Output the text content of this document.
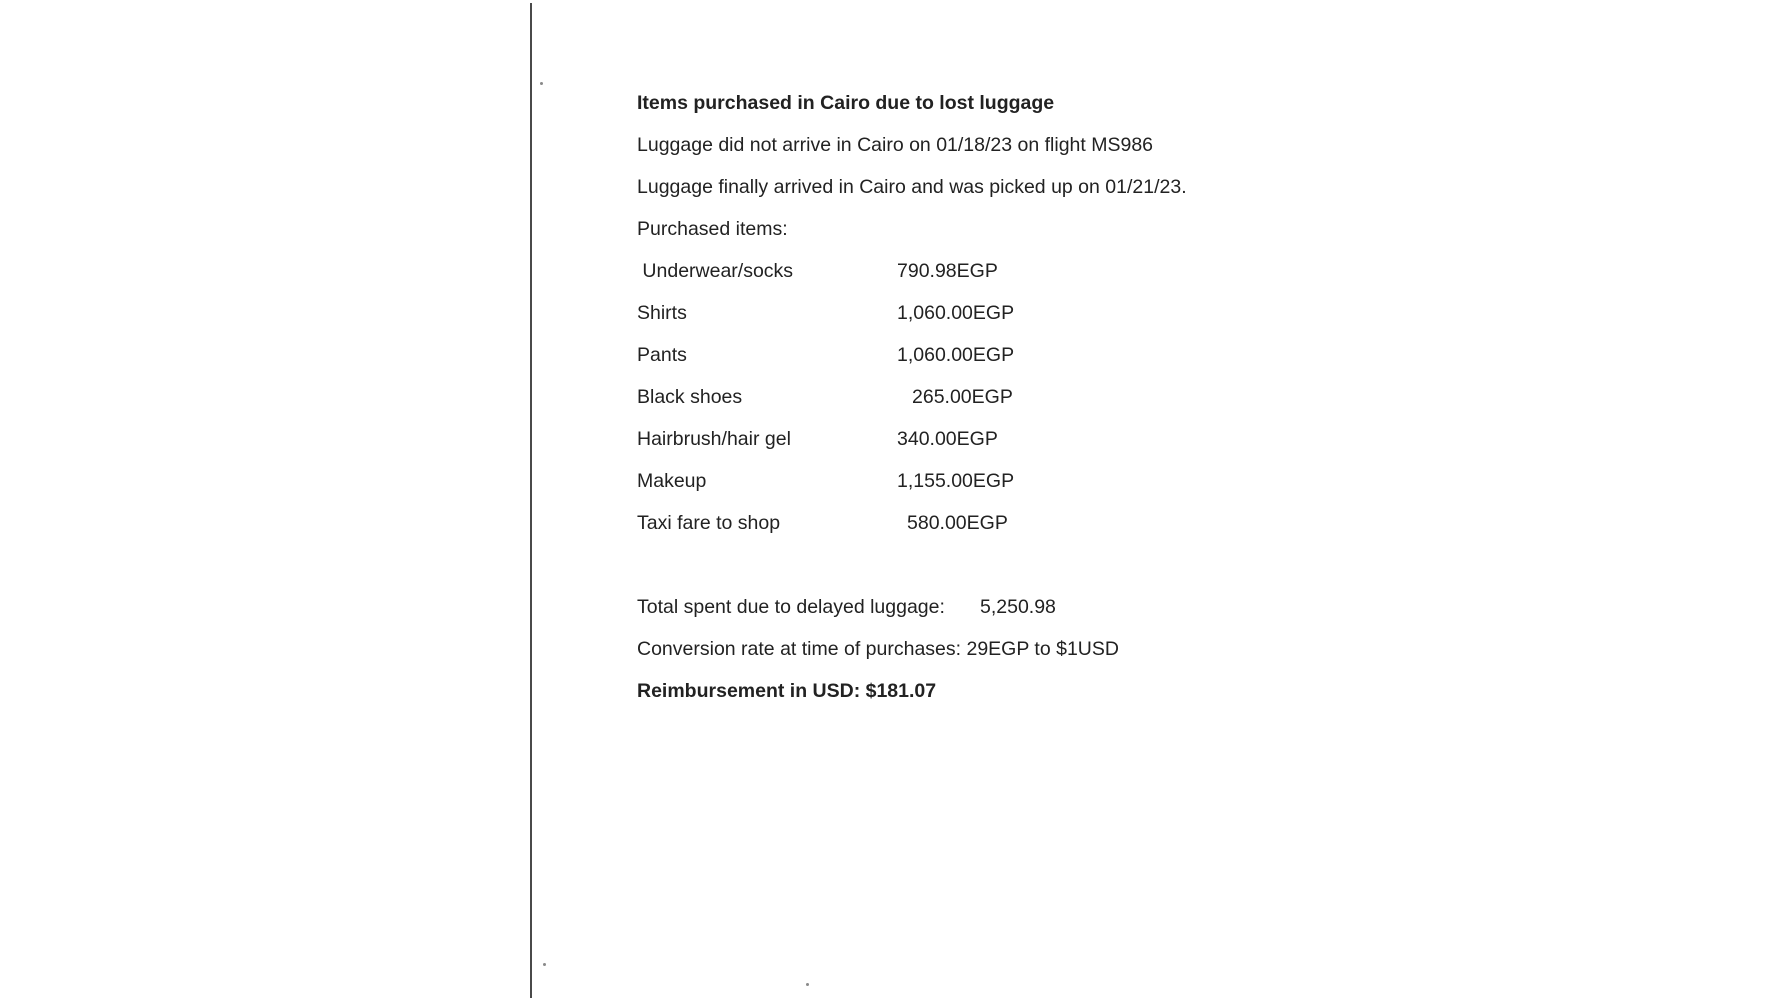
Items purchased in Cairo due to lost luggage
Luggage did not arrive in Cairo on 01/18/23 on flight MS986
Luggage finally arrived in Cairo and was picked up on 01/21/23.
Purchased items:
Underwear/socks	790.98EGP
Shirts	1,060.00EGP
Pants	1,060.00EGP
Black shoes	265.00EGP
Hairbrush/hair gel	340.00EGP
Makeup	1,155.00EGP
Taxi fare to shop	580.00EGP
Total spent due to delayed luggage: 5,250.98
Conversion rate at time of purchases: 29EGP to $1USD
Reimbursement in USD: $181.07
